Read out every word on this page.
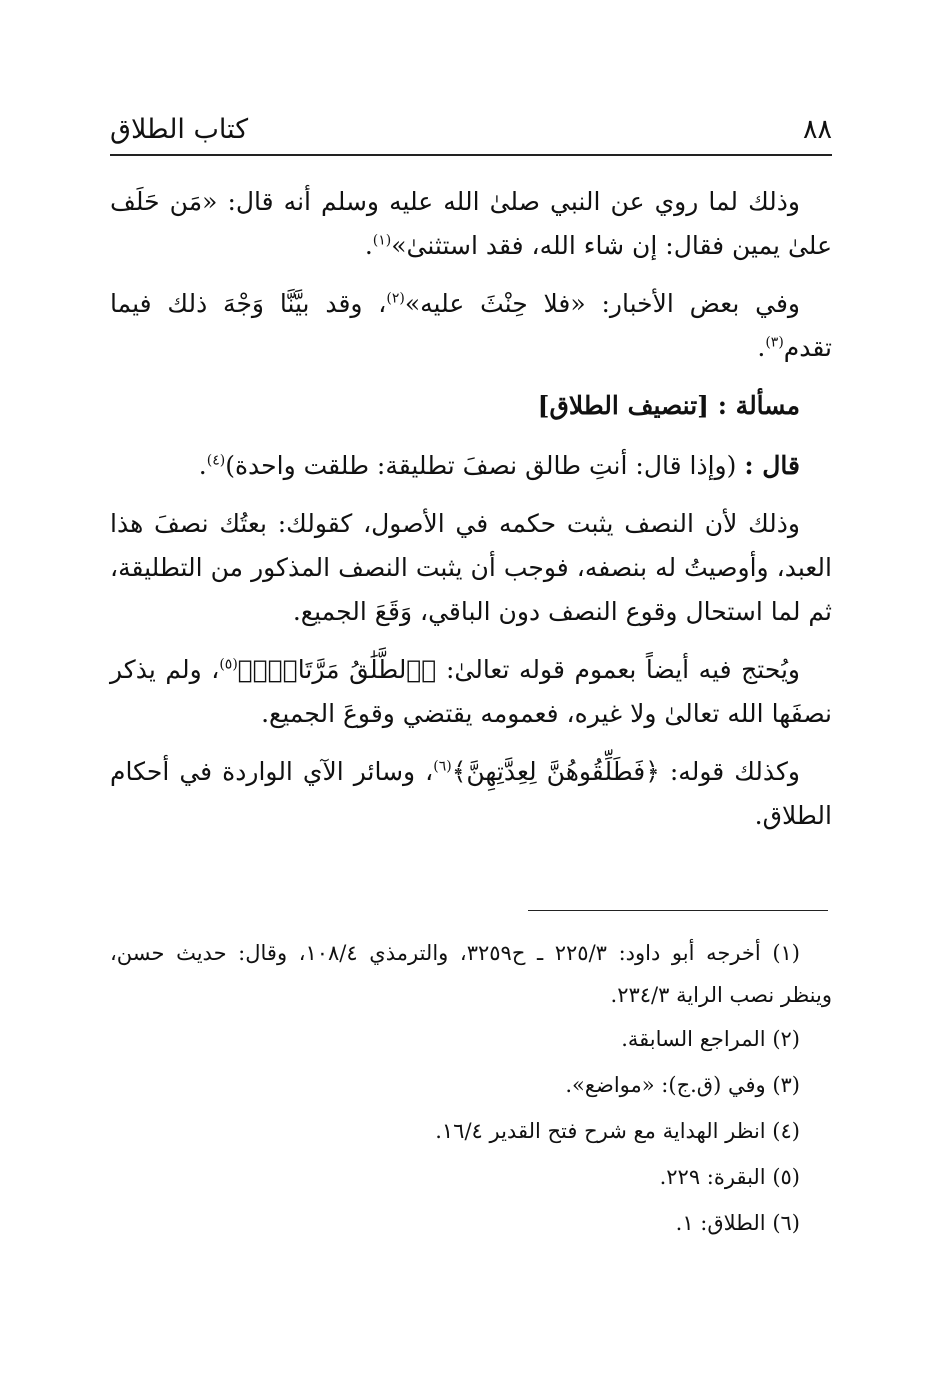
٨٨
كتاب الطلاق

وذلك لما روي عن النبي صلىٰ الله عليه وسلم أنه قال: «مَن حَلَف علىٰ يمين فقال: إن شاء الله، فقد استثنىٰ»$^{(١)}$.

وفي بعض الأخبار: «فلا حِنْثَ عليه»$^{(٢)}$، وقد بيَّنَّا وَجْهَ ذلك فيما تقدم$^{(٣)}$.

مسألة : [تنصيف الطلاق]

قال : (وإذا قال: أنتِ طالق نصفَ تطليقة: طلقت واحدة)$^{(٤)}$.

وذلك لأن النصف يثبت حكمه في الأصول، كقولك: بعتُك نصفَ هذا العبد، وأوصيتُ له بنصفه، فوجب أن يثبت النصف المذكور من التطليقة، ثم لما استحال وقوع النصف دون الباقي، وَقَعَ الجميع.

ويُحتج فيه أيضاً بعموم قوله تعالىٰ: ﴿ٱلطَّلَٰقُ مَرَّتَانِۖ﴾$^{(٥)}$، ولم يذكر نصفَها الله تعالىٰ ولا غيره، فعمومه يقتضي وقوعَ الجميع.

وكذلك قوله: ﴿فَطَلِّقُوهُنَّ لِعِدَّتِهِنَّ﴾$^{(٦)}$، وسائر الآي الواردة في أحكام الطلاق.

(١) أخرجه أبو داود: ٢٢٥/٣ ـ ح٣٢٥٩، والترمذي ١٠٨/٤، وقال: حديث حسن، وينظر نصب الراية ٢٣٤/٣.

(٢) المراجع السابقة.

(٣) وفي (ق.ج): «مواضع».

(٤) انظر الهداية مع شرح فتح القدير ١٦/٤.

(٥) البقرة: ٢٢٩.

(٦) الطلاق: ١.
